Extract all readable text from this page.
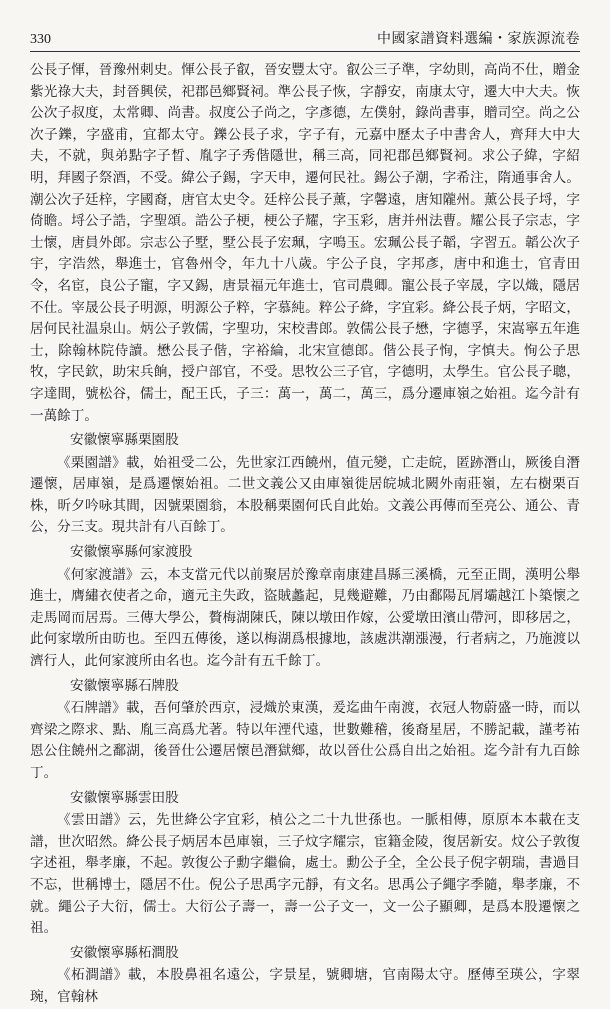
330	中國家譜資料選編・家族源流卷

公長子惲，晉豫州刺史。惲公長子叡，晉安豐太守。叡公三子準，字幼則，高尚不仕，贈金紫光祿大夫，封晉興侯，祀郡邑鄉賢祠。準公長子恢，字靜安，南康太守，遷大中大夫。恢公次子叔度，太常卿、尚書。叔度公子尚之，字彥德，左僕射，錄尚書事，贈司空。尚之公次子鑠，字盛甫，宜都太守。鑠公長子求，字子有，元嘉中歷太子中書舍人，齊拜大中大夫，不就，與弟點字子晳、胤字子秀偕隱世，稱三高，同祀郡邑鄉賢祠。求公子緯，字紹明，拜國子祭酒，不受。緯公子錫，字天申，遷何民社。錫公子潮，字希注，隋通事舍人。潮公次子廷梓，字國裔，唐官太史令。廷梓公長子薰，字馨遠，唐知隴州。薰公長子埒，字倚瞻。埒公子誥，字聖頌。誥公子梗，梗公子耀，字玉彩，唐并州法曹。耀公長子宗志，字士懷，唐員外郎。宗志公子墅，墅公長子宏珮，字鳴玉。宏珮公長子韜，字習五。韜公次子宇，字浩然，舉進士，官魯州令，年九十八歲。宇公子良，字邦彥，唐中和進士，官青田令，名宦，良公子寵，字又錫，唐景福元年進士，官司農卿。寵公長子宰晟，字以熾，隱居不仕。宰晟公長子明源，明源公子粹，字慕純。粹公子絳，字宜彩。絳公長子炳，字昭文，居何民社温泉山。炳公子敦儒，字聖功，宋校書郎。敦儒公長子懋，字德孚，宋嵩寧五年進士，除翰林院侍讀。懋公長子偕，字裕綸，北宋宣德郎。偕公長子恂，字慎夫。恂公子思牧，字民欽，助宋兵餉，授户部官，不受。思牧公三子官，字德明，太學生。官公長子聰，字達間，號松谷，儒士，配王氏，子三：萬一，萬二，萬三，爲分遷庫嶺之始祖。迄今計有一萬餘丁。

安徽懷寧縣栗園股

《栗園譜》載，始祖受二公，先世家江西饒州，值元變，亡走皖，匿跡潛山，厥後自潛遷懷，居庫嶺，是爲遷懷始祖。二世文義公又由庫嶺徙居皖城北闕外南莊嶺，左右樹栗百株，昕夕吟咏其間，因號栗園翁，本股稱栗園何氏自此始。文義公再傳而至亮公、通公、青公，分三支。現共計有八百餘丁。

安徽懷寧縣何家渡股

《何家渡譜》云，本支當元代以前聚居於豫章南康建昌縣三溪橋，元至正間，漢明公舉進士，膺繡衣使者之命，適元主失政，盜賊蠡起，見幾避難，乃由鄱陽瓦屑壩越江卜築懷之走馬岡而居焉。三傳大學公，贅梅湖陳氏，陳以墩田作嫁，公愛墩田濱山帶河，即移居之，此何家墩所由昉也。至四五傳後，遂以梅湖爲根據地，該處洪潮漲漫，行者病之，乃施渡以濟行人，此何家渡所由名也。迄今計有五千餘丁。

安徽懷寧縣石牌股

《石牌譜》載，吾何肇於西京，浸熾於東漢，爰迄曲午南渡，衣冠人物蔚盛一時，而以齊梁之際求、點、胤三高爲尤著。特以年湮代遠，世數難稽，後裔星居，不勝記載，謹考祐恩公住饒州之鄱湖，後晉仕公遷居懷邑潛獄鄉，故以晉仕公爲自出之始祖。迄今計有九百餘丁。

安徽懷寧縣雲田股

《雲田譜》云，先世絳公字宜彩，楨公之二十九世孫也。一脈相傳，原原本本載在支譜，世次昭然。絳公長子炳居本邑庫嶺，三子炆字耀宗，宦籍金陵，復居新安。炆公子敦復字述祖，舉孝廉，不起。敦復公子勳字繼倫，處士。勳公子全，全公長子倪字朝瑞，書過目不忘，世稱博士，隱居不仕。倪公子思禹字元靜，有文名。思禹公子繩字季隨，舉孝廉，不就。繩公子大衍，儒士。大衍公子壽一，壽一公子文一，文一公子顯卿，是爲本股遷懷之祖。

安徽懷寧縣柘澗股

《柘澗譜》載，本股鼻祖名遠公，字景星，號卿塘，官南陽太守。歷傳至瑛公，字翠琬，官翰林
